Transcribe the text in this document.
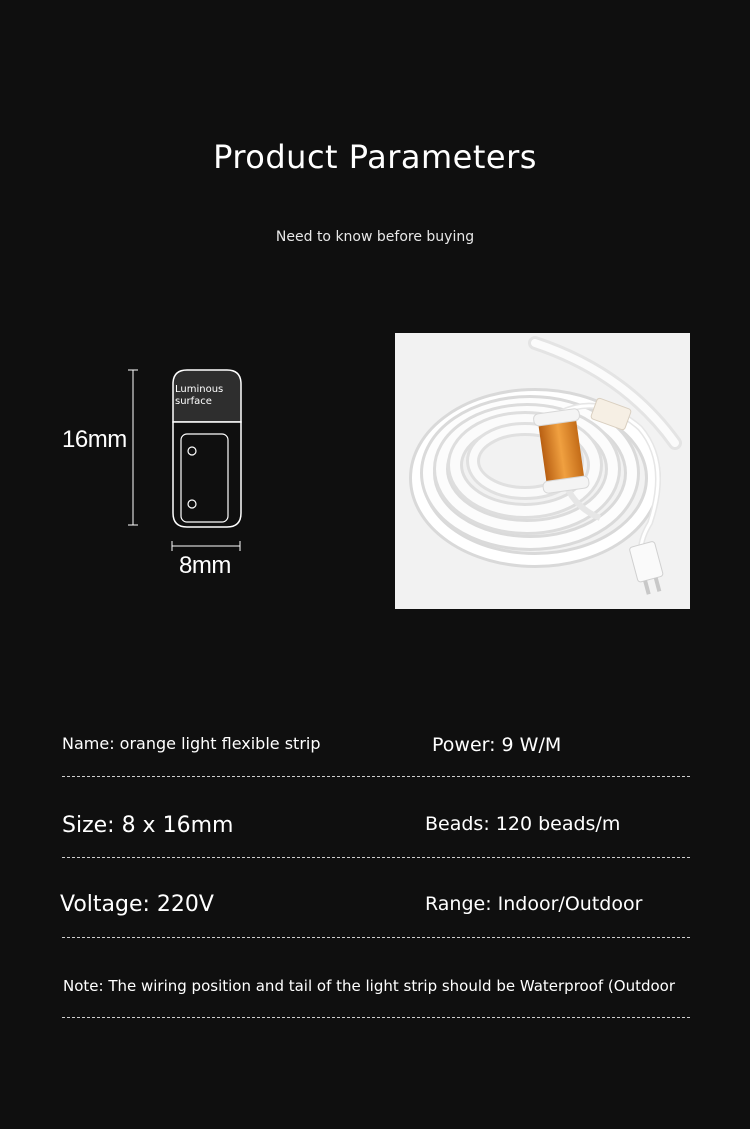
Product Parameters
Need to know before buying
Luminous
surface
16mm
8mm
Name: orange light flexible strip	Power: 9 W/M
Size: 8 x 16mm	Beads: 120 beads/m
Voltage: 220V	Range: Indoor/Outdoor
Note: The wiring position and tail of the light strip should be Waterproof (Outdoor
